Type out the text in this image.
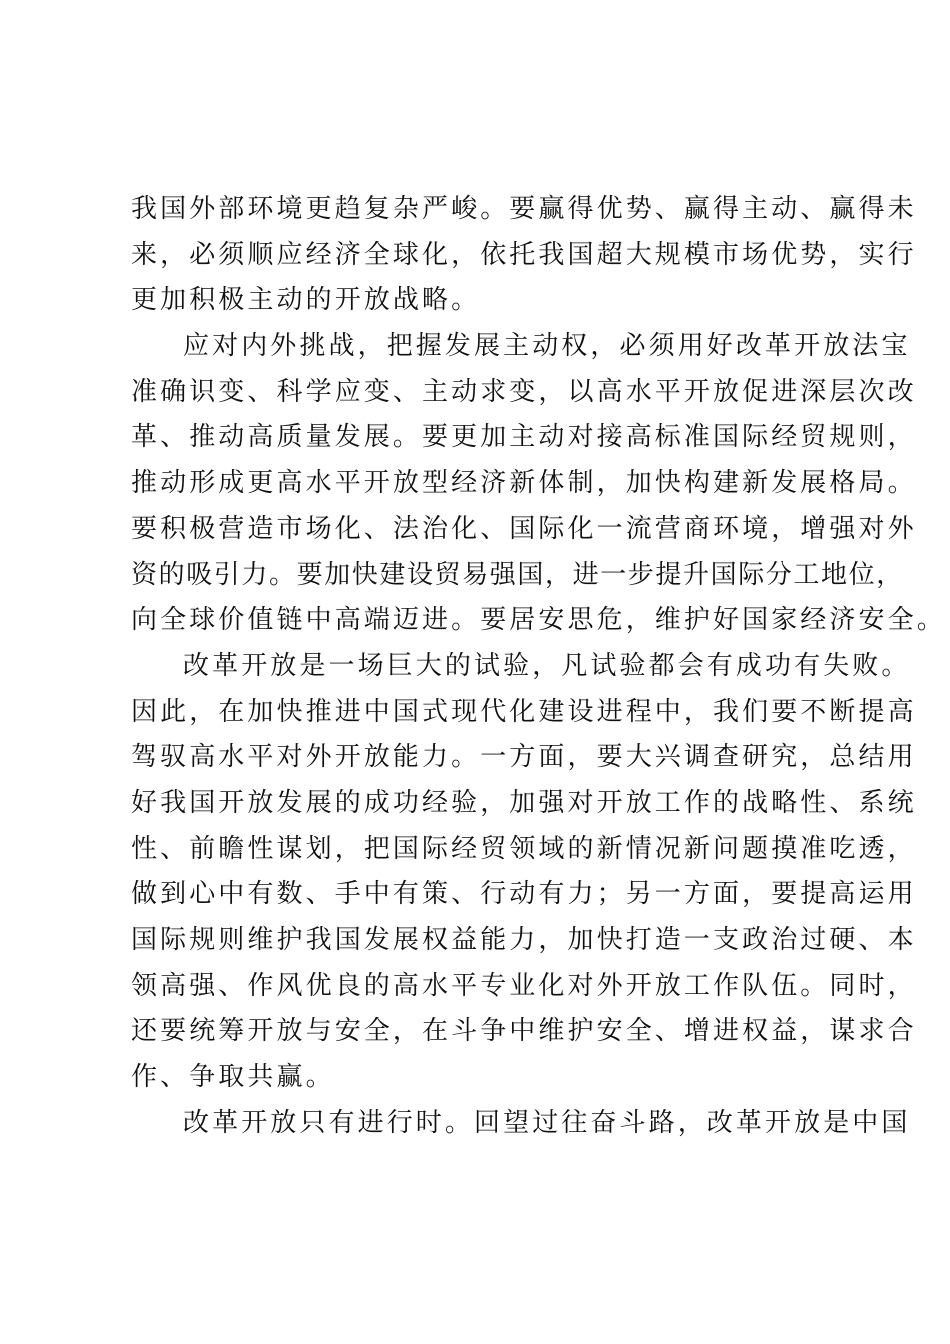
我国外部环境更趋复杂严峻。要赢得优势、赢得主动、赢得未
来，必须顺应经济全球化，依托我国超大规模市场优势，实行
更加积极主动的开放战略。
应对内外挑战，把握发展主动权，必须用好改革开放法宝
准确识变、科学应变、主动求变，以高水平开放促进深层次改
革、推动高质量发展。要更加主动对接高标准国际经贸规则，
推动形成更高水平开放型经济新体制，加快构建新发展格局。
要积极营造市场化、法治化、国际化一流营商环境，增强对外
资的吸引力。要加快建设贸易强国，进一步提升国际分工地位，
向全球价值链中高端迈进。要居安思危，维护好国家经济安全。
改革开放是一场巨大的试验，凡试验都会有成功有失败。
因此，在加快推进中国式现代化建设进程中，我们要不断提高
驾驭高水平对外开放能力。一方面，要大兴调查研究，总结用
好我国开放发展的成功经验，加强对开放工作的战略性、系统
性、前瞻性谋划，把国际经贸领域的新情况新问题摸准吃透，
做到心中有数、手中有策、行动有力；另一方面，要提高运用
国际规则维护我国发展权益能力，加快打造一支政治过硬、本
领高强、作风优良的高水平专业化对外开放工作队伍。同时，
还要统筹开放与安全，在斗争中维护安全、增进权益，谋求合
作、争取共赢。
改革开放只有进行时。回望过往奋斗路，改革开放是中国
